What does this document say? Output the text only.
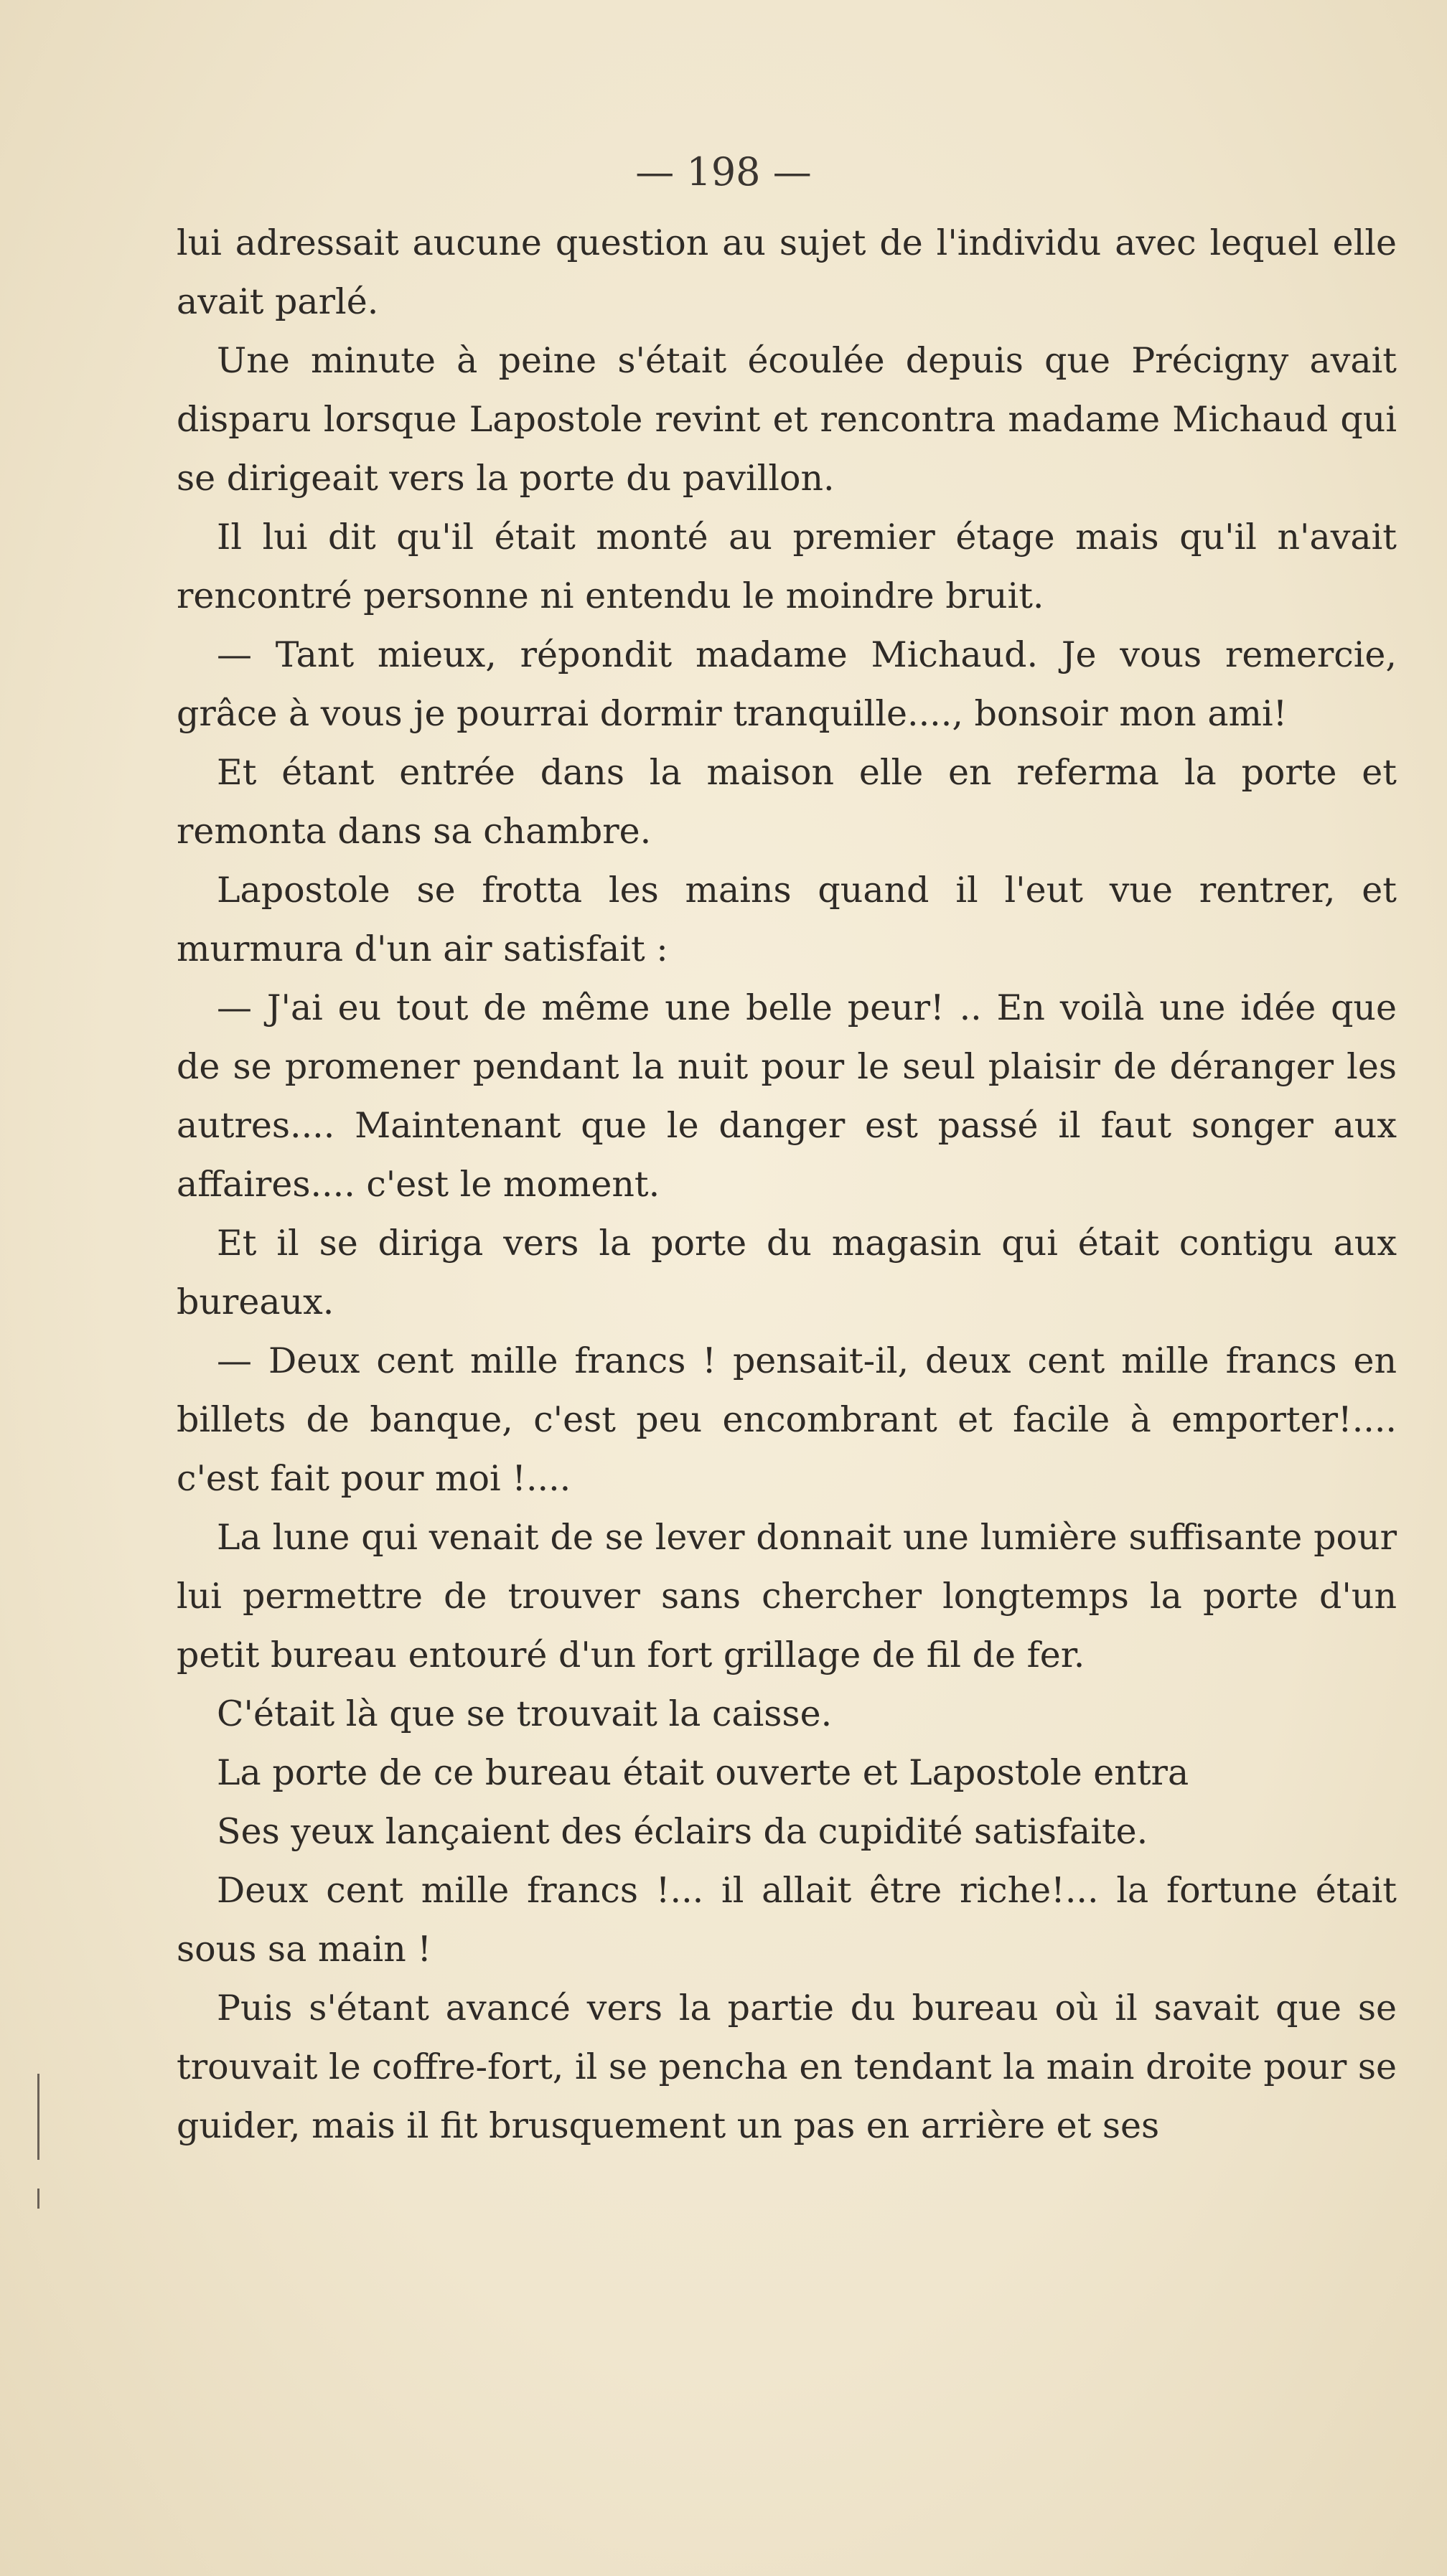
— 198 —

lui adressait aucune question au sujet de l'individu avec lequel elle avait parlé.

Une minute à peine s'était écoulée depuis que Précigny avait disparu lorsque Lapostole revint et rencontra madame Michaud qui se dirigeait vers la porte du pavillon.

Il lui dit qu'il était monté au premier étage mais qu'il n'avait rencontré personne ni entendu le moindre bruit.

— Tant mieux, répondit madame Michaud. Je vous remercie, grâce à vous je pourrai dormir tranquille...., bonsoir mon ami!

Et étant entrée dans la maison elle en referma la porte et remonta dans sa chambre.

Lapostole se frotta les mains quand il l'eut vue rentrer, et murmura d'un air satisfait :

— J'ai eu tout de même une belle peur! .. En voilà une idée que de se promener pendant la nuit pour le seul plaisir de déranger les autres.... Maintenant que le danger est passé il faut songer aux affaires.... c'est le moment.

Et il se diriga vers la porte du magasin qui était contigu aux bureaux.

— Deux cent mille francs ! pensait-il, deux cent mille francs en billets de banque, c'est peu encombrant et facile à emporter!.... c'est fait pour moi !....

La lune qui venait de se lever donnait une lumière suffisante pour lui permettre de trouver sans chercher longtemps la porte d'un petit bureau entouré d'un fort grillage de fil de fer.

C'était là que se trouvait la caisse.

La porte de ce bureau était ouverte et Lapostole entra

Ses yeux lançaient des éclairs da cupidité satisfaite.

Deux cent mille francs !... il allait être riche!... la fortune était sous sa main !

Puis s'étant avancé vers la partie du bureau où il savait que se trouvait le coffre-fort, il se pencha en tendant la main droite pour se guider, mais il fit brusquement un pas en arrière et ses
